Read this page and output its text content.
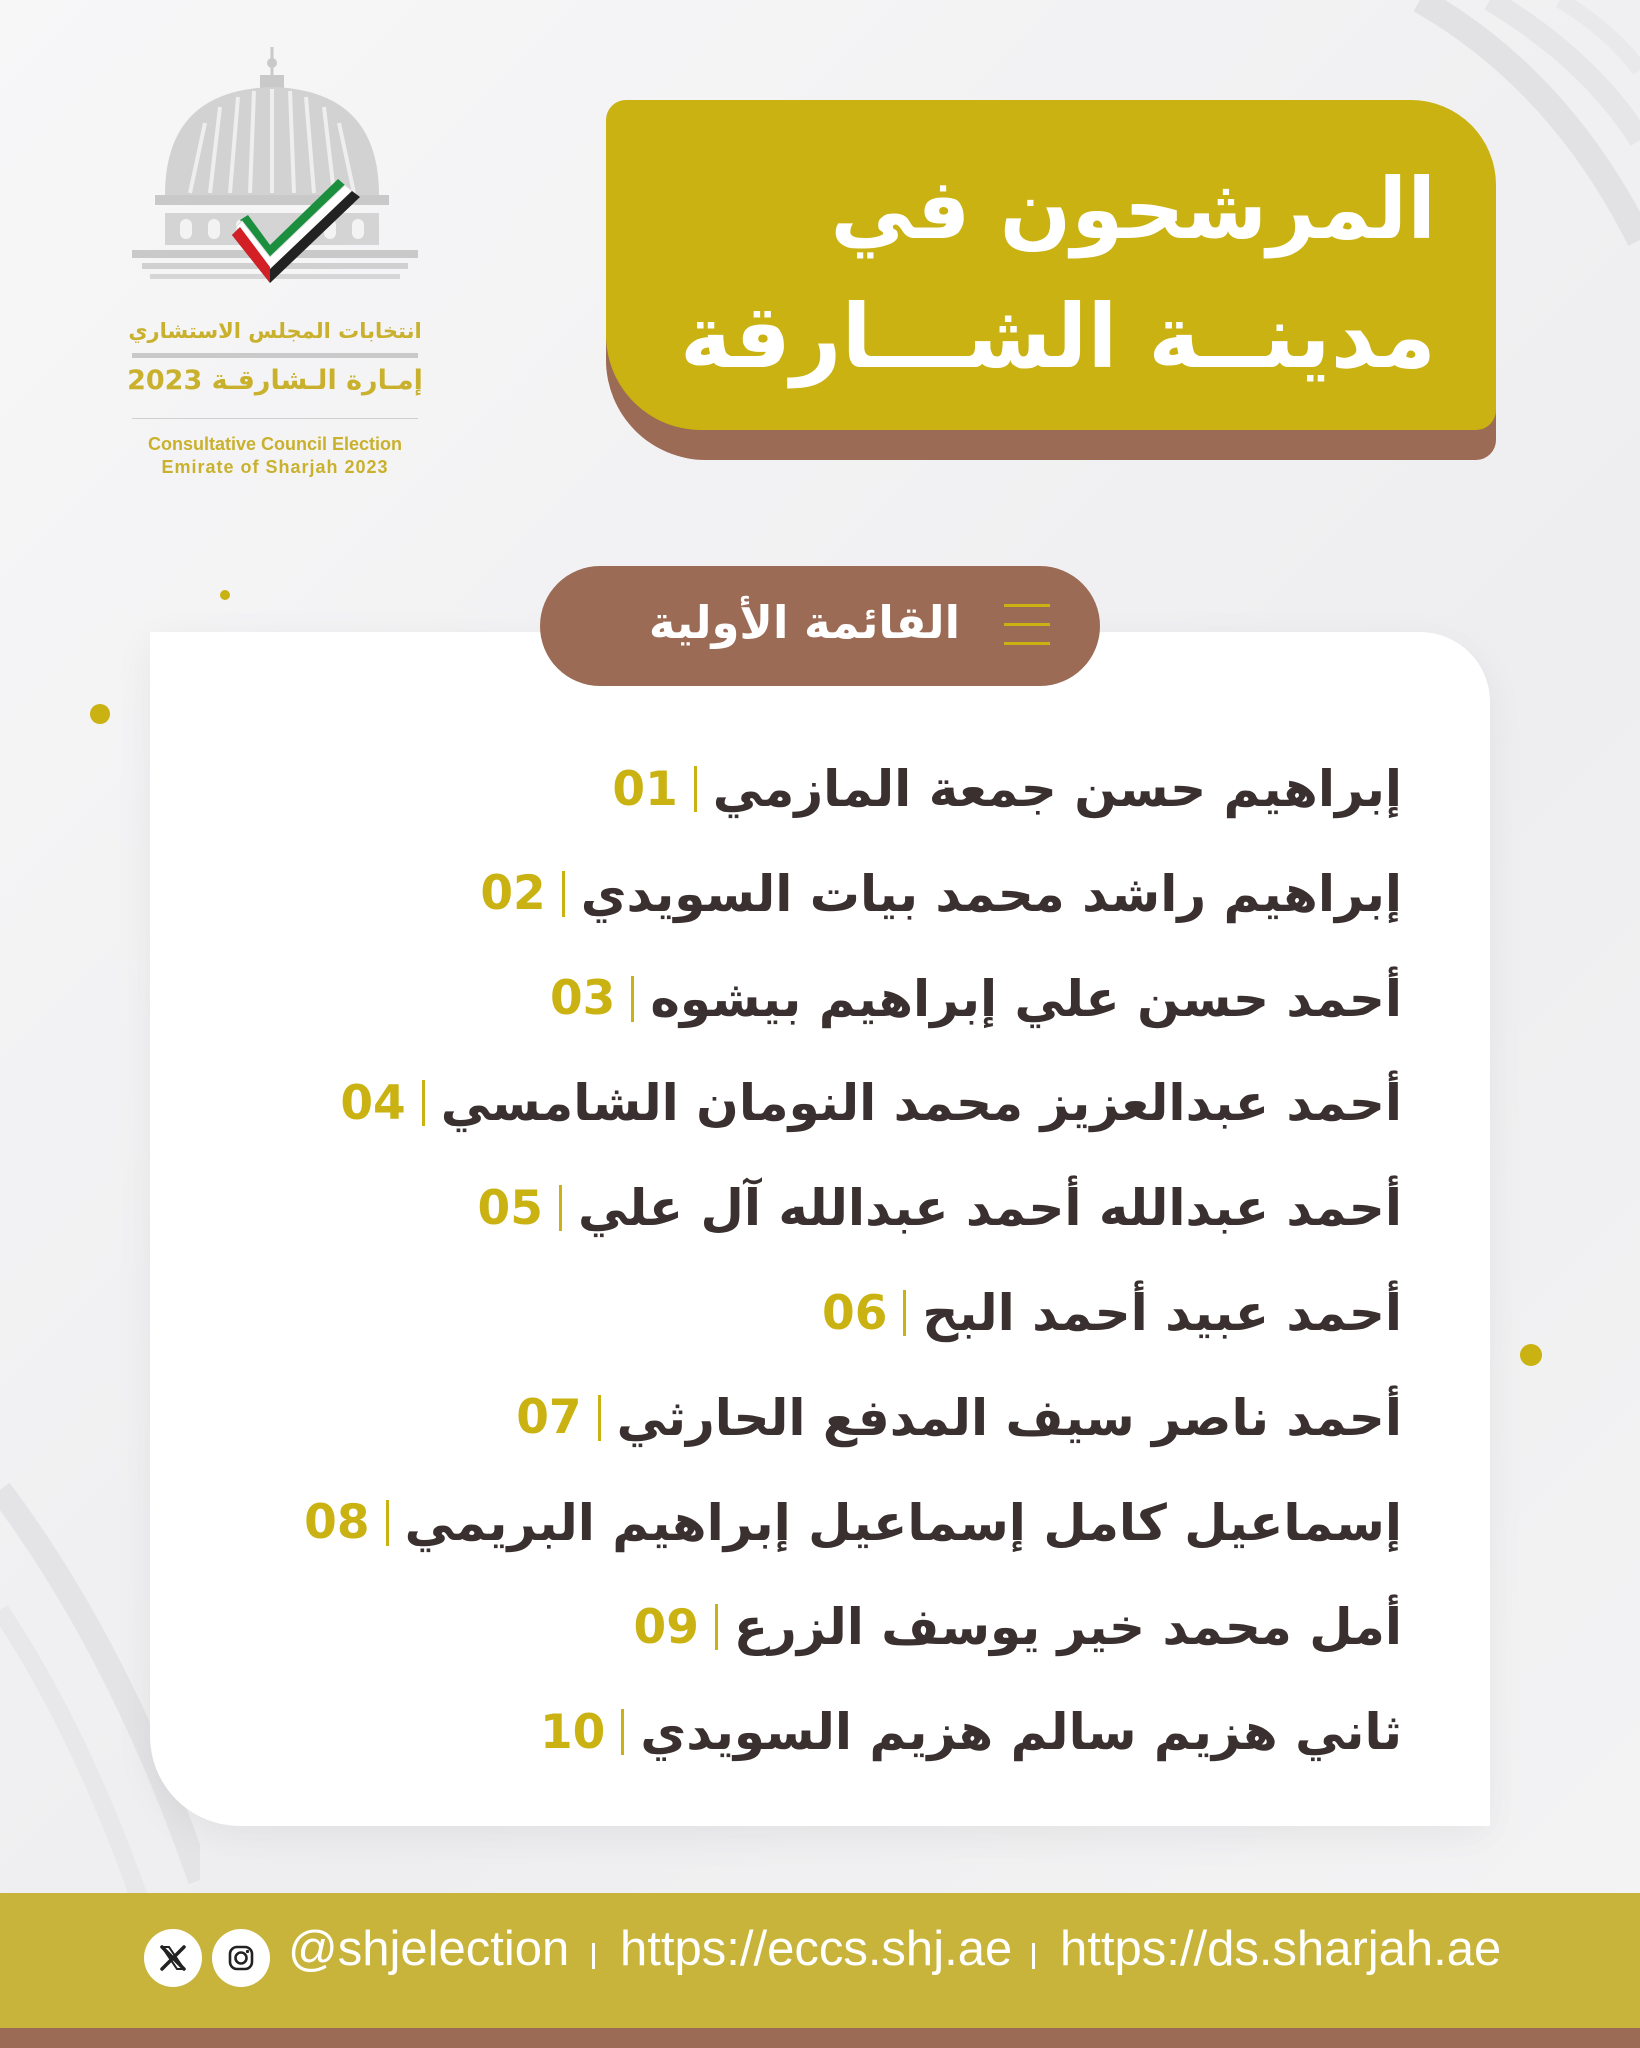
انتخابات المجلس الاستشاري
إمـارة الـشارقـة 2023
Consultative Council Election
Emirate of Sharjah 2023
المرشحون في
مدينــة الشـــارقة
القائمة الأولية
إبراهيم حسن جمعة المازمي
01
إبراهيم راشد محمد بيات السويدي
02
أحمد حسن علي إبراهيم بيشوه
03
أحمد عبدالعزيز محمد النومان الشامسي
04
أحمد عبدالله أحمد عبدالله آل علي
05
أحمد عبيد أحمد البح
06
أحمد ناصر سيف المدفع الحارثي
07
إسماعيل كامل إسماعيل إبراهيم البريمي
08
أمل محمد خير يوسف الزرع
09
ثاني هزيم سالم هزيم السويدي
10
@shjelection https://eccs.shj.ae https://ds.sharjah.ae
